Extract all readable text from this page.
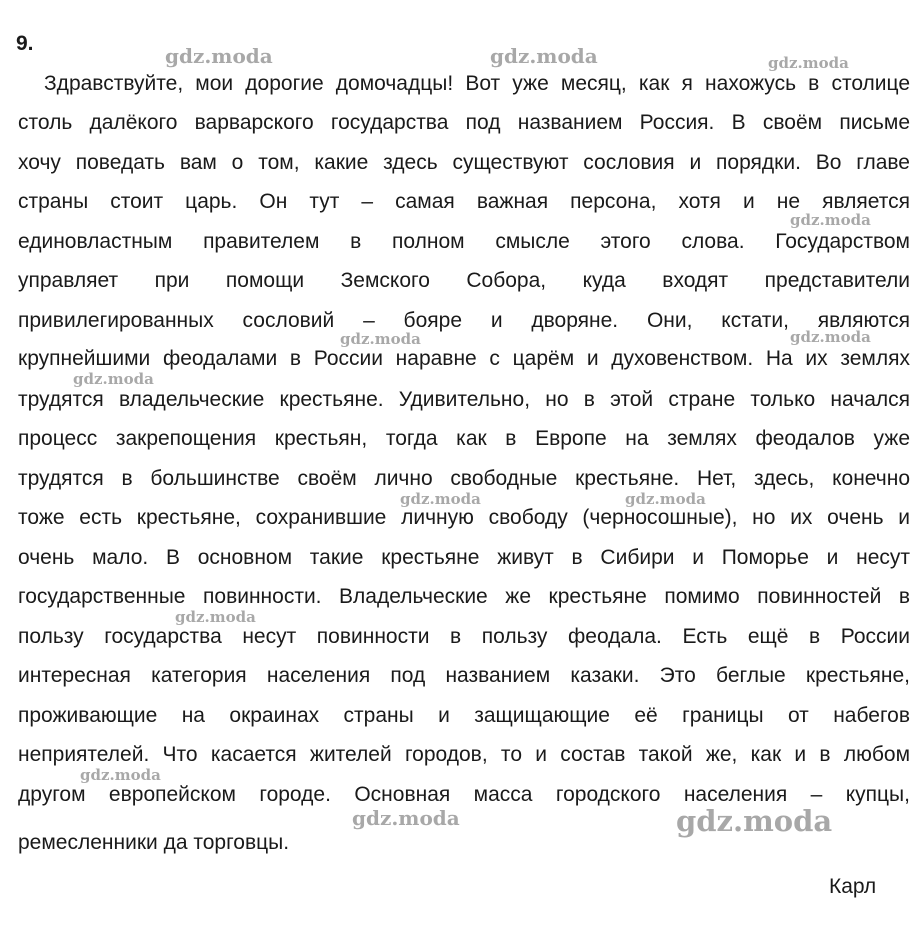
9.
Здравствуйте, мои дорогие домочадцы! Вот уже месяц, как я нахожусь в столице
столь далёкого варварского государства под названием Россия. В своём письме
хочу поведать вам о том, какие здесь существуют сословия и порядки. Во главе
страны стоит царь. Он тут – самая важная персона, хотя и не является
единовластным правителем в полном смысле этого слова. Государством
управляет при помощи Земского Собора, куда входят представители
привилегированных сословий – бояре и дворяне. Они, кстати, являются
крупнейшими феодалами в России наравне с царём и духовенством. На их землях
трудятся владельческие крестьяне. Удивительно, но в этой стране только начался
процесс закрепощения крестьян, тогда как в Европе на землях феодалов уже
трудятся в большинстве своём лично свободные крестьяне. Нет, здесь, конечно
тоже есть крестьяне, сохранившие личную свободу (черносошные), но их очень и
очень мало. В основном такие крестьяне живут в Сибири и Поморье и несут
государственные повинности. Владельческие же крестьяне помимо повинностей в
пользу государства несут повинности в пользу феодала. Есть ещё в России
интересная категория населения под названием казаки. Это беглые крестьяне,
проживающие на окраинах страны и защищающие её границы от набегов
неприятелей. Что касается жителей городов, то и состав такой же, как и в любом
другом европейском городе. Основная масса городского населения – купцы,
ремесленники да торговцы.
Карл
gdz.moda	gdz.moda	gdz.moda
gdz.moda
gdz.moda	gdz.moda
gdz.moda
gdz.moda	gdz.moda
gdz.moda
gdz.moda
gdz.moda	gdz.moda
